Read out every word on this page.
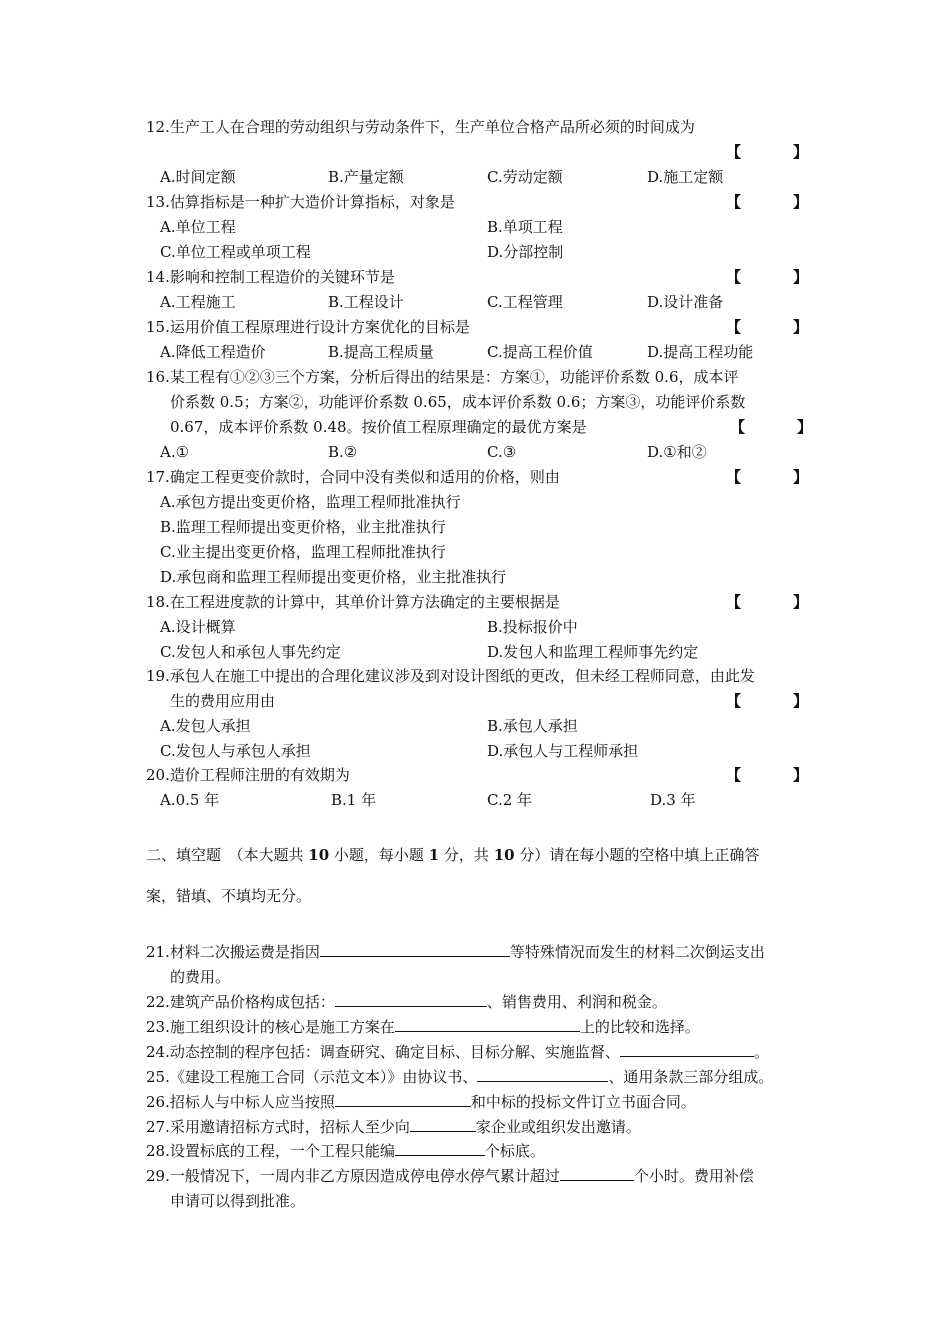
12.生产工人在合理的劳动组织与劳动条件下，生产单位合格产品所必须的时间成为
【	】
A.时间定额	B.产量定额	C.劳动定额	D.施工定额
13.估算指标是一种扩大造价计算指标，对象是	【	】
A.单位工程	B.单项工程
C.单位工程或单项工程	D.分部控制
14.影响和控制工程造价的关键环节是	【	】
A.工程施工	B.工程设计	C.工程管理	D.设计准备
15.运用价值工程原理进行设计方案优化的目标是	【	】
A.降低工程造价	B.提高工程质量	C.提高工程价值	D.提高工程功能
16.某工程有①②③三个方案，分析后得出的结果是：方案①，功能评价系数 0.6，成本评
价系数 0.5；方案②，功能评价系数 0.65，成本评价系数 0.6；方案③，功能评价系数
0.67，成本评价系数 0.48。按价值工程原理确定的最优方案是	【	】
A.①	B.②	C.③	D.①和②
17.确定工程更变价款时，合同中没有类似和适用的价格，则由	【	】
A.承包方提出变更价格，监理工程师批准执行
B.监理工程师提出变更价格，业主批准执行
C.业主提出变更价格，监理工程师批准执行
D.承包商和监理工程师提出变更价格，业主批准执行
18.在工程进度款的计算中，其单价计算方法确定的主要根据是	【	】
A.设计概算	B.投标报价中
C.发包人和承包人事先约定	D.发包人和监理工程师事先约定
19.承包人在施工中提出的合理化建议涉及到对设计图纸的更改，但未经工程师同意，由此发
生的费用应用由	【	】
A.发包人承担	B.承包人承担
C.发包人与承包人承担	D.承包人与工程师承担
20.造价工程师注册的有效期为	【	】
A.0.5 年	B.1 年	C.2 年	D.3 年
二、填空题　（本大题共 10 小题，每小题 1 分，共 10 分）请在每小题的空格中填上正确答
案，错填、不填均无分。
21.材料二次搬运费是指因	等特殊情况而发生的材料二次倒运支出
的费用。
22.建筑产品价格构成包括：	、销售费用、利润和税金。
23.施工组织设计的核心是施工方案在	上的比较和选择。
24.动态控制的程序包括：调查研究、确定目标、目标分解、实施监督、	。
25.《建设工程施工合同（示范文本）》由协议书、	、通用条款三部分组成。
26.招标人与中标人应当按照	和中标的投标文件订立书面合同。
27.采用邀请招标方式时，招标人至少向	家企业或组织发出邀请。
28.设置标底的工程，一个工程只能编	个标底。
29.一般情况下，一周内非乙方原因造成停电停水停气累计超过	个小时。费用补偿
申请可以得到批准。
